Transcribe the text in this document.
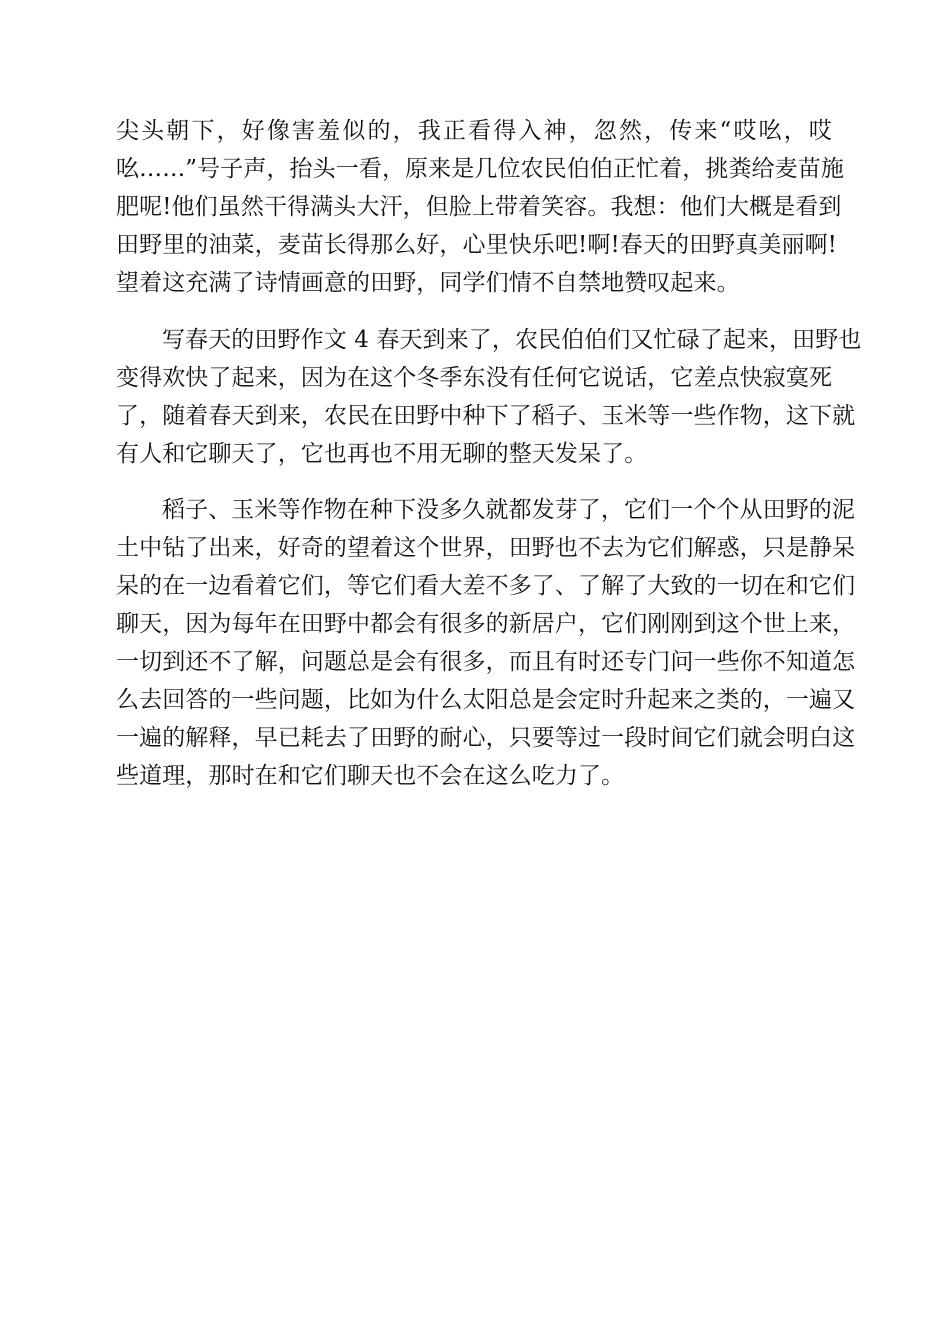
尖头朝下，好像害羞似的，我正看得入神，忽然，传来“哎吆，哎
吆……”号子声，抬头一看，原来是几位农民伯伯正忙着，挑粪给麦苗施
肥呢!他们虽然干得满头大汗，但脸上带着笑容。我想：他们大概是看到
田野里的油菜，麦苗长得那么好，心里快乐吧!啊!春天的田野真美丽啊!
望着这充满了诗情画意的田野，同学们情不自禁地赞叹起来。
写春天的田野作文 4 春天到来了，农民伯伯们又忙碌了起来，田野也
变得欢快了起来，因为在这个冬季东没有任何它说话，它差点快寂寞死
了，随着春天到来，农民在田野中种下了稻子、玉米等一些作物，这下就
有人和它聊天了，它也再也不用无聊的整天发呆了。
稻子、玉米等作物在种下没多久就都发芽了，它们一个个从田野的泥
土中钻了出来，好奇的望着这个世界，田野也不去为它们解惑，只是静呆
呆的在一边看着它们，等它们看大差不多了、了解了大致的一切在和它们
聊天，因为每年在田野中都会有很多的新居户，它们刚刚到这个世上来，
一切到还不了解，问题总是会有很多，而且有时还专门问一些你不知道怎
么去回答的一些问题，比如为什么太阳总是会定时升起来之类的，一遍又
一遍的解释，早已耗去了田野的耐心，只要等过一段时间它们就会明白这
些道理，那时在和它们聊天也不会在这么吃力了。
